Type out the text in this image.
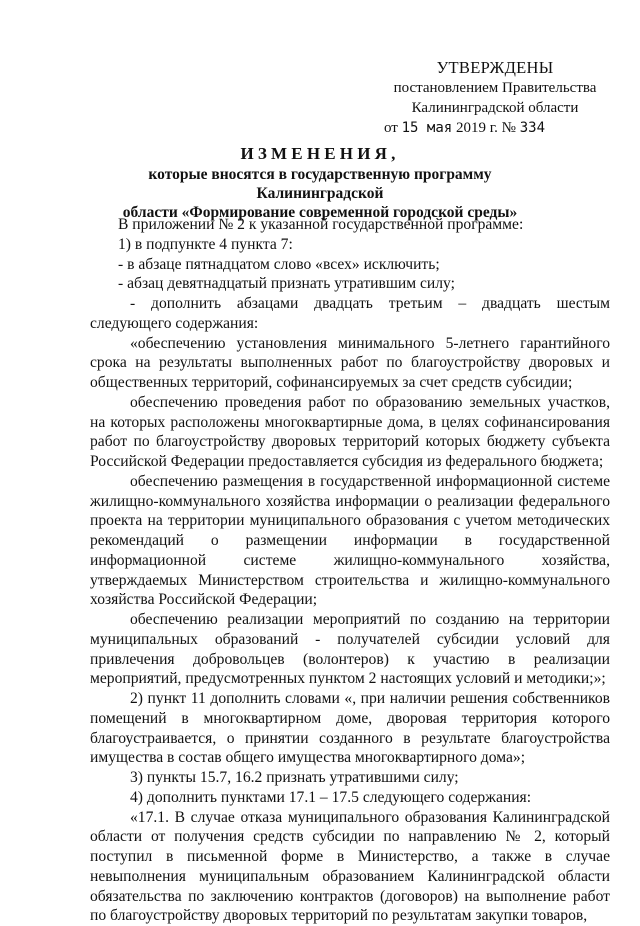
УТВЕРЖДЕНЫ
постановлением Правительства
Калининградской области
от 15 мая 2019 г. № 334
ИЗМЕНЕНИЯ,
которые вносятся в государственную программу Калининградской
области «Формирование современной городской среды»

В приложении № 2 к указанной государственной программе:

1) в подпункте 4 пункта 7:

- в абзаце пятнадцатом слово «всех» исключить;

- абзац девятнадцатый признать утратившим силу;

- дополнить абзацами двадцать третьим – двадцать шестым следующего содержания:

«обеспечению установления минимального 5-летнего гарантийного срока на результаты выполненных работ по благоустройству дворовых и общественных территорий, софинансируемых за счет средств субсидии;

обеспечению проведения работ по образованию земельных участков, на которых расположены многоквартирные дома, в целях софинансирования работ по благоустройству дворовых территорий которых бюджету субъекта Российской Федерации предоставляется субсидия из федерального бюджета;

обеспечению размещения в государственной информационной системе жилищно-коммунального хозяйства информации о реализации федерального проекта на территории муниципального образования с учетом методических рекомендаций о размещении информации в государственной информационной системе жилищно-коммунального хозяйства, утверждаемых Министерством строительства и жилищно-коммунального хозяйства Российской Федерации;

обеспечению реализации мероприятий по созданию на территории муниципальных образований - получателей субсидии условий для привлечения добровольцев (волонтеров) к участию в реализации мероприятий, предусмотренных пунктом 2 настоящих условий и методики;»;

2) пункт 11 дополнить словами «, при наличии решения собственников помещений в многоквартирном доме, дворовая территория которого благоустраивается, о принятии созданного в результате благоустройства имущества в состав общего имущества многоквартирного дома»;

3) пункты 15.7, 16.2 признать утратившими силу;

4) дополнить пунктами 17.1 – 17.5 следующего содержания:

«17.1. В случае отказа муниципального образования Калининградской области от получения средств субсидии по направлению № 2, который поступил в письменной форме в Министерство, а также в случае невыполнения муниципальным образованием Калининградской области обязательства по заключению контрактов (договоров) на выполнение работ по благоустройству дворовых территорий по результатам закупки товаров,
